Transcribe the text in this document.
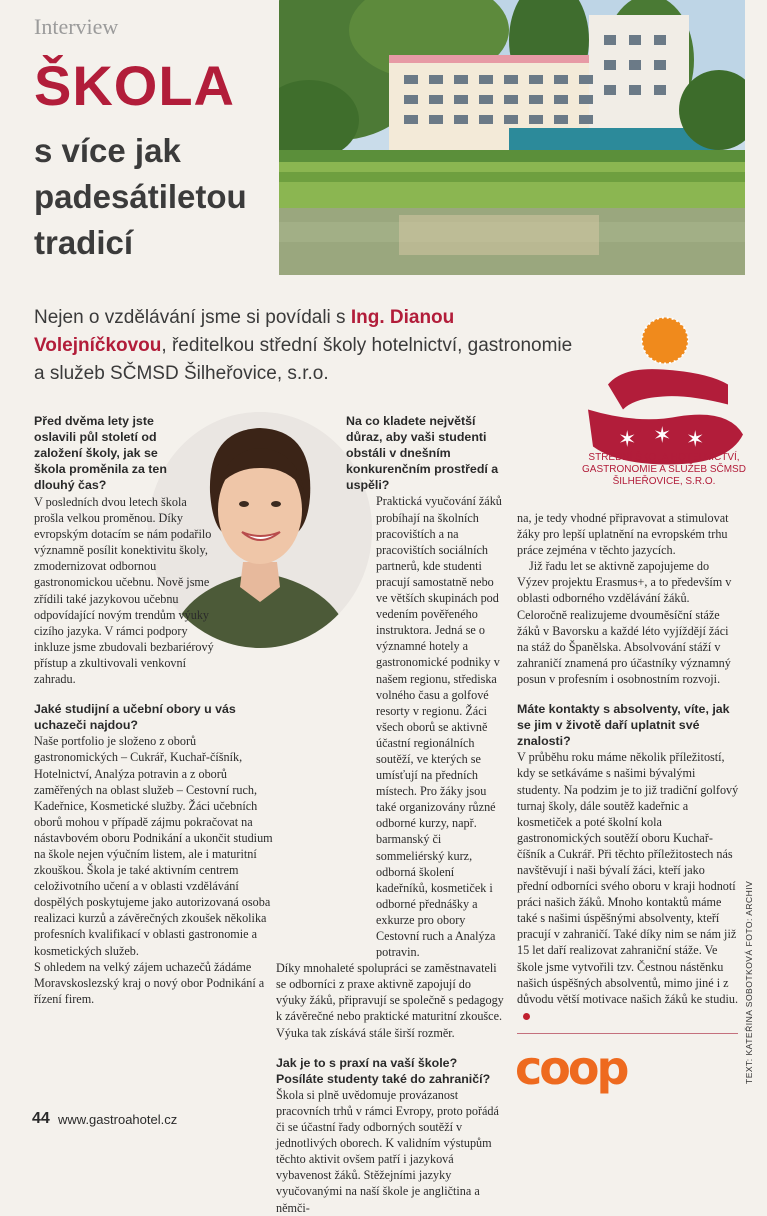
Interview
ŠKOLA
s více jak padesátiletou tradicí
Nejen o vzdělávání jsme si povídali s Ing. Dianou Volejníčkovou, ředitelkou střední školy hotelnictví, gastronomie a služeb SČMSD Šilheřovice, s.r.o.
✶ ✶ ✶
STŘEDNÍ ŠKOLA HOTELNICTVÍ, GASTRONOMIE A SLUŽEB SČMSD ŠILHEŘOVICE, S.R.O.

Před dvěma lety jste oslavili půl století od založení školy, jak se škola proměnila za ten dlouhý čas?

V posledních dvou letech škola prošla velkou proměnou. Díky evropským dotacím se nám podařilo významně posílit konektivitu školy, zmodernizovat odbornou gastronomickou učebnu. Nově jsme zřídili také jazykovou učebnu odpovídající novým trendům výuky cizího jazyka. V rámci podpory inkluze jsme zbudovali bezbariérový přístup a zkultivovali venkovní zahradu.

Jaké studijní a učební obory u vás uchazeči najdou?

Naše portfolio je složeno z oborů gastronomických – Cukrář, Kuchař-číšník, Hotelnictví, Analýza potravin a z oborů zaměřených na oblast služeb – Cestovní ruch, Kadeřnice, Kosmetické služby. Žáci učebních oborů mohou v případě zájmu pokračovat na nástavbovém oboru Podnikání a ukončit studium na škole nejen výučním listem, ale i maturitní zkouškou. Škola je také aktivním centrem celoživotního učení a v oblasti vzdělávání dospělých poskytujeme jako autorizovaná osoba realizaci kurzů a závěrečných zkoušek několika profesních kvalifikací v oblasti gastronomie a kosmetických služeb.

S ohledem na velký zájem uchazečů žádáme Moravskoslezský kraj o nový obor Podnikání a řízení firem.

Na co kladete největší důraz, aby vaši studenti obstáli v dnešním konkurenčním prostředí a uspěli?

Praktická vyučování žáků probíhají na školních pracovištích a na pracovištích sociálních partnerů, kde studenti pracují samostatně nebo ve větších skupinách pod vedením pověřeného instruktora. Jedná se o významné hotely a gastronomické podniky v našem regionu, střediska volného času a golfové resorty v regionu. Žáci všech oborů se aktivně účastní regionálních soutěží, ve kterých se umísťují na předních místech. Pro žáky jsou také organizovány různé odborné kurzy, např. barmanský či sommeliérský kurz, odborná školení kadeřníků, kosmetiček i odborné přednášky a exkurze pro obory Cestovní ruch a Analýza potravin.

Díky mnohaleté spolupráci se zaměstnavateli se odborníci z praxe aktivně zapojují do výuky žáků, připravují se společně s pedagogy k závěrečné nebo praktické maturitní zkoušce. Výuka tak získává stále širší rozměr.

Jak je to s praxí na vaší škole? Posíláte studenty také do zahraničí?

Škola si plně uvědomuje provázanost pracovních trhů v rámci Evropy, proto pořádá či se účastní řady odborných soutěží v jednotlivých oborech. K validním výstupům těchto aktivit ovšem patří i jazyková vybavenost žáků. Stěžejními jazyky vyučovanými na naší škole je angličtina a němči-

na, je tedy vhodné připravovat a stimulovat žáky pro lepší uplatnění na evropském trhu práce zejména v těchto jazycích.

Již řadu let se aktivně zapojujeme do Výzev projektu Erasmus+, a to především v oblasti odborného vzdělávání žáků. Celoročně realizujeme dvouměsíční stáže žáků v Bavorsku a každé léto vyjíždějí žáci na stáž do Španělska. Absolvování stáží v zahraničí znamená pro účastníky významný posun v profesním i osobnostním rozvoji.

Máte kontakty s absolventy, víte, jak se jim v životě daří uplatnit své znalosti?

V průběhu roku máme několik příležitostí, kdy se setkáváme s našimi bývalými studenty. Na podzim je to již tradiční golfový turnaj školy, dále soutěž kadeřnic a kosmetiček a poté školní kola gastronomických soutěží oboru Kuchař-číšník a Cukrář. Při těchto příležitostech nás navštěvují i naši bývalí žáci, kteří jako přední odborníci svého oboru v kraji hodnotí práci našich žáků. Mnoho kontaktů máme také s našimi úspěšnými absolventy, kteří pracují v zahraničí. Také díky nim se nám již 15 let daří realizovat zahraniční stáže. Ve škole jsme vytvořili tzv. Čestnou nástěnku našich úspěšných absolventů, mimo jiné i z důvodu větší motivace našich žáků ke studiu.

coop
44 www.gastroahotel.cz
TEXT: KATEŘINA SOBOTKOVÁ FOTO: ARCHIV
